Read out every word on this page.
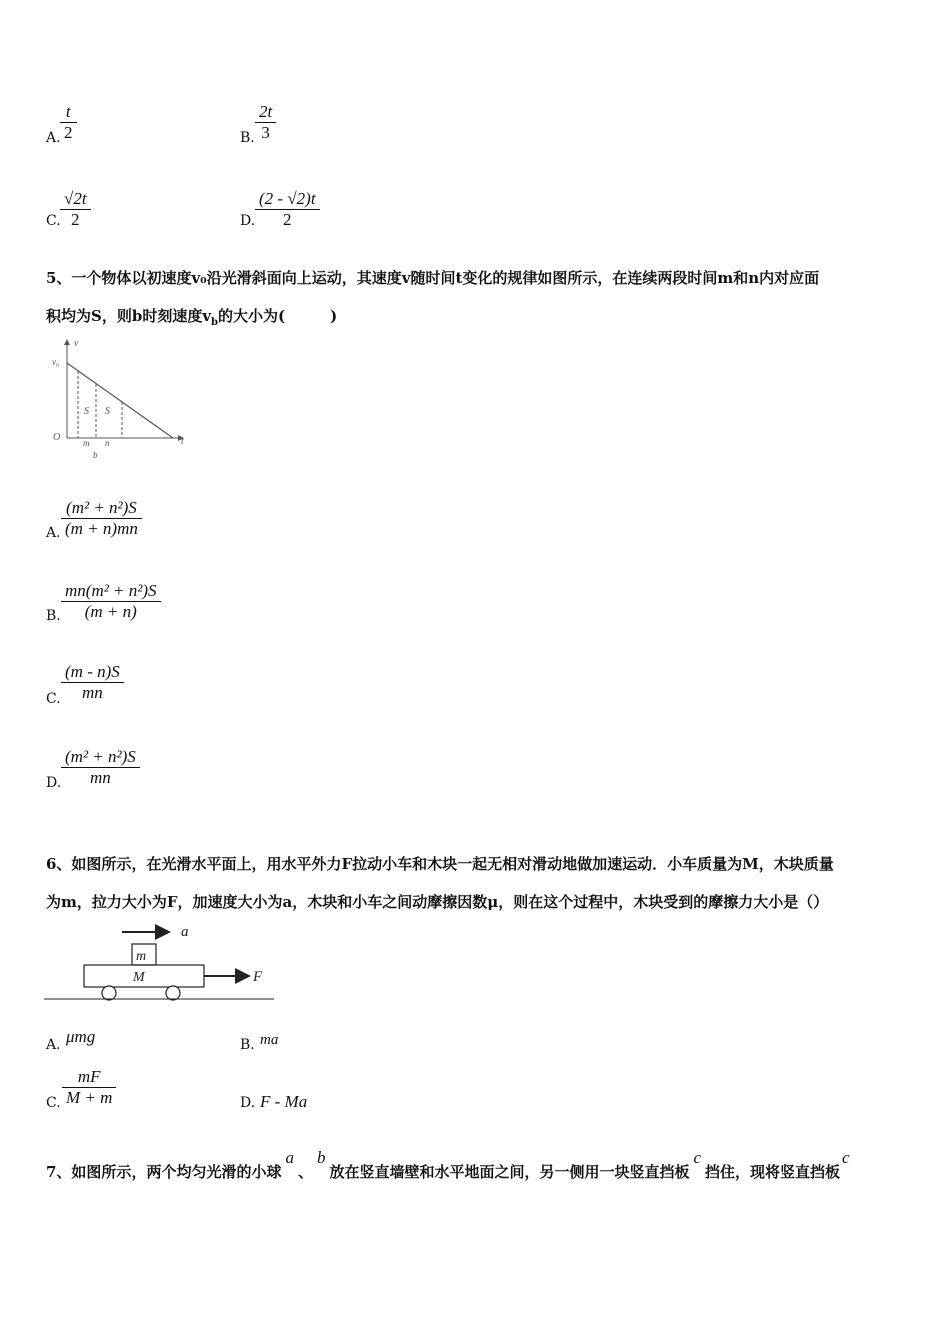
A. $\frac{t}{2}$	B. $\frac{2t}{3}$
C. $\frac{√2t}{2}$	D. $\frac{(2 - √2)t}{2}$
5、一个物体以初速度v₀沿光滑斜面向上运动，其速度v随时间t变化的规律如图所示，在连续两段时间m和n内对应面
积均为S，则b时刻速度$v_b$的大小为(　　　)
v
t
O
v₀
S S
m n
b
A. $\frac{\text{(m² + n²)S}}{(m + n)mn}$
B. $\frac{\text{mn(m² + n²)S}}{(m + n)}$
C. $\frac{(m - n)S}{mn}$
D. $\frac{\text{(m² + n²)S}}{mn}$
6、如图所示，在光滑水平面上，用水平外力F拉动小车和木块一起无相对滑动地做加速运动．小车质量为M，木块质量
为m，拉力大小为F，加速度大小为a，木块和小车之间动摩擦因数μ，则在这个过程中，木块受到的摩擦力大小是（）
a
m
M	F
A. μmg	B. ma
C. $\frac{mF}{M + m}$	D. F - Ma
7、如图所示，两个均匀光滑的小球a、b放在竖直墙壁和水平地面之间，另一侧用一块竖直挡板c挡住，现将竖直挡板c
